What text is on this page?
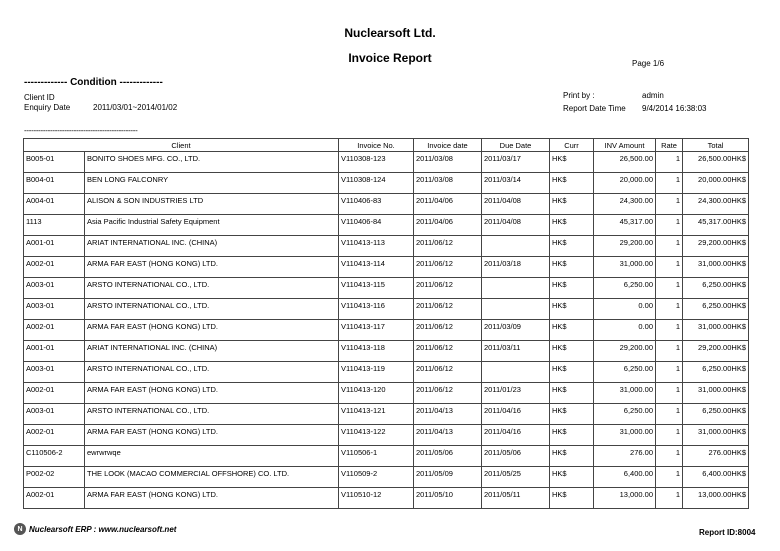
Nuclearsoft Ltd.
Invoice Report	Page 1/6
------------- Condition -------------
Client ID
Enquiry Date	2011/03/01~2014/01/02
Print by :	admin
Report Date Time 9/4/2014 16:38:03
------------------------------------------------
Client		Invoice No.	Invoice date	Due Date	Curr	INV Amount	Rate	Total
B005-01	BONITO SHOES MFG. CO., LTD.	V110308-123	2011/03/08	2011/03/17	HK$	26,500.00	1	26,500.00HK$
B004-01	BEN LONG FALCONRY	V110308-124	2011/03/08	2011/03/14	HK$	20,000.00	1	20,000.00HK$
A004-01	ALISON & SON INDUSTRIES LTD	V110406-83	2011/04/06	2011/04/08	HK$	24,300.00	1	24,300.00HK$
1113	Asia Pacific Industrial Safety Equipment	V110406-84	2011/04/06	2011/04/08	HK$	45,317.00	1	45,317.00HK$
A001-01	ARIAT INTERNATIONAL INC. (CHINA)	V110413-113	2011/06/12		HK$	29,200.00	1	29,200.00HK$
A002-01	ARMA FAR EAST (HONG KONG) LTD.	V110413-114	2011/06/12	2011/03/18	HK$	31,000.00	1	31,000.00HK$
A003-01	ARSTO INTERNATIONAL CO., LTD.	V110413-115	2011/06/12		HK$	6,250.00	1	6,250.00HK$
A003-01	ARSTO INTERNATIONAL CO., LTD.	V110413-116	2011/06/12		HK$	0.00	1	6,250.00HK$
A002-01	ARMA FAR EAST (HONG KONG) LTD.	V110413-117	2011/06/12	2011/03/09	HK$	0.00	1	31,000.00HK$
A001-01	ARIAT INTERNATIONAL INC. (CHINA)	V110413-118	2011/06/12	2011/03/11	HK$	29,200.00	1	29,200.00HK$
A003-01	ARSTO INTERNATIONAL CO., LTD.	V110413-119	2011/06/12		HK$	6,250.00	1	6,250.00HK$
A002-01	ARMA FAR EAST (HONG KONG) LTD.	V110413-120	2011/06/12	2011/01/23	HK$	31,000.00	1	31,000.00HK$
A003-01	ARSTO INTERNATIONAL CO., LTD.	V110413-121	2011/04/13	2011/04/16	HK$	6,250.00	1	6,250.00HK$
A002-01	ARMA FAR EAST (HONG KONG) LTD.	V110413-122	2011/04/13	2011/04/16	HK$	31,000.00	1	31,000.00HK$
C110506-2	ewrwrwqe	V110506-1	2011/05/06	2011/05/06	HK$	276.00	1	276.00HK$
P002-02	THE LOOK (MACAO COMMERCIAL OFFSHORE) CO. LTD.	V110509-2	2011/05/09	2011/05/25	HK$	6,400.00	1	6,400.00HK$
A002-01	ARMA FAR EAST (HONG KONG) LTD.	V110510-12	2011/05/10	2011/05/11	HK$	13,000.00	1	13,000.00HK$
N Nuclearsoft ERP : www.nuclearsoft.net	Report ID:8004
